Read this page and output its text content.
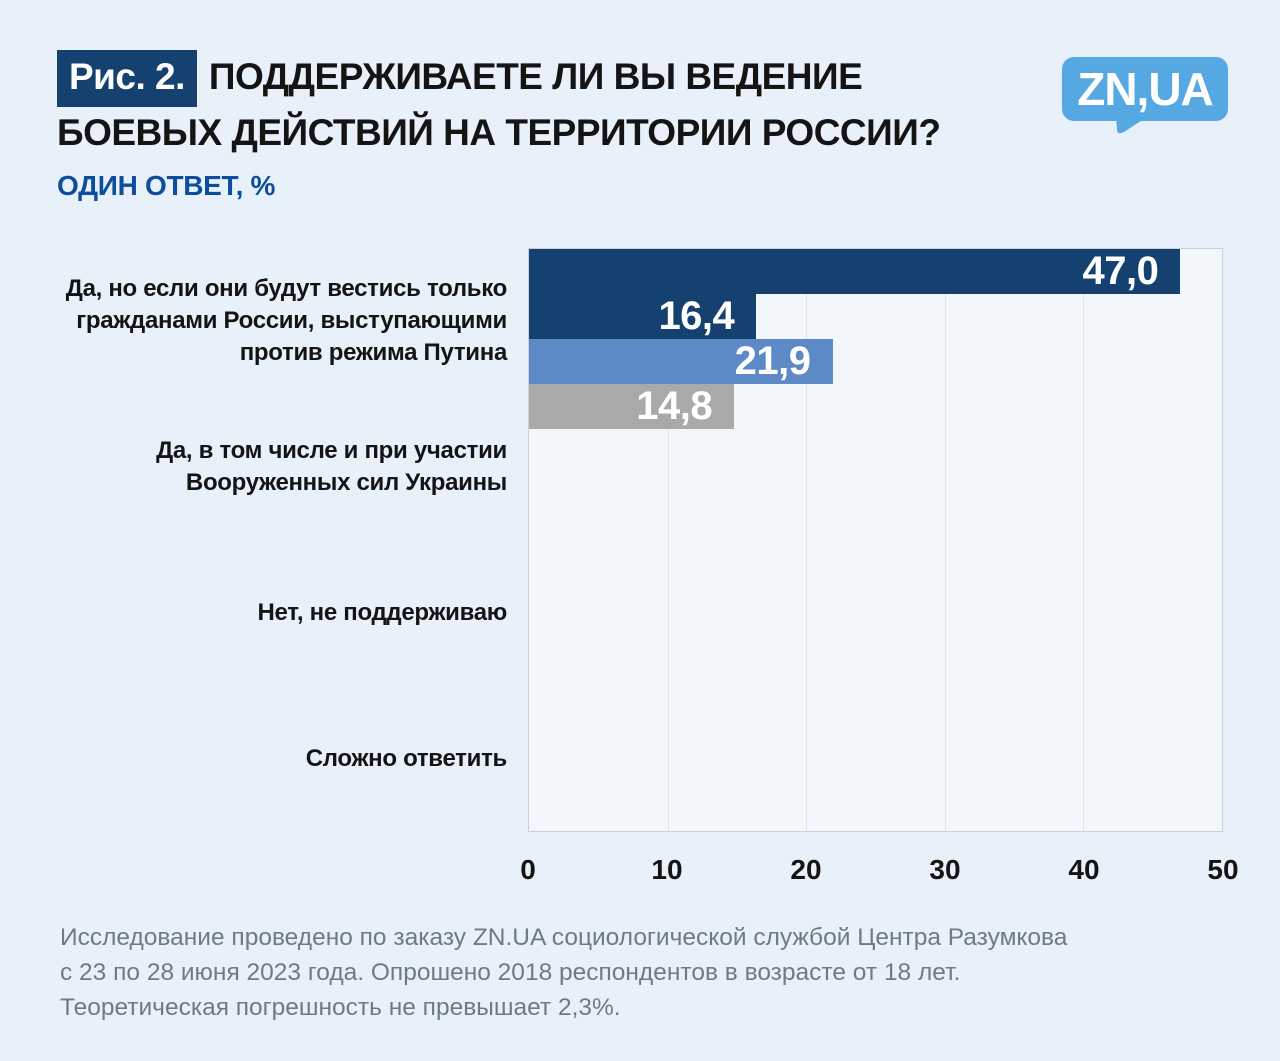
Рис. 2. ПОДДЕРЖИВАЕТЕ ЛИ ВЫ ВЕДЕНИЕ
БОЕВЫХ ДЕЙСТВИЙ НА ТЕРРИТОРИИ РОССИИ?
ОДИН ОТВЕТ, %
ZN,UA
Да, но если они будут вестись только гражданами России, выступающими против режима Путина
Да, в том числе и при участии Вооруженных сил Украины
Нет, не поддерживаю
Сложно ответить
47,0
16,4
21,9
14,8
0	10	20	30	40	50
Исследование проведено по заказу ZN.UA социологической службой Центра Разумкова
с 23 по 28 июня 2023 года. Опрошено 2018 респондентов в возрасте от 18 лет.
Теоретическая погрешность не превышает 2,3%.
